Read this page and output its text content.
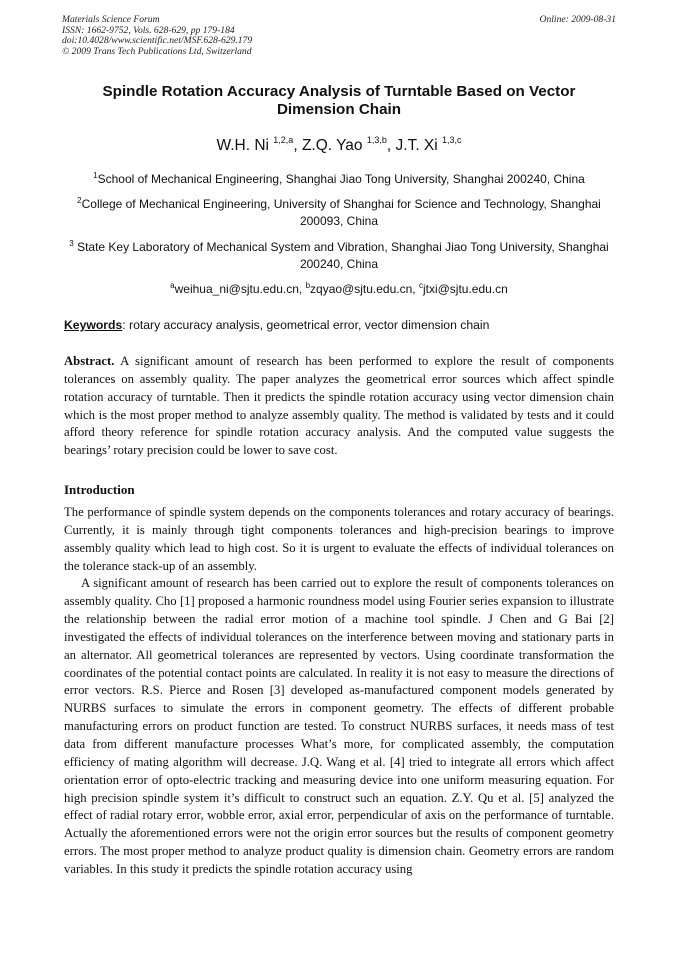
Materials Science Forum
ISSN: 1662-9752, Vols. 628-629, pp 179-184
doi:10.4028/www.scientific.net/MSF.628-629.179
© 2009 Trans Tech Publications Ltd, Switzerland
Online: 2009-08-31
Spindle Rotation Accuracy Analysis of Turntable Based on Vector Dimension Chain
W.H. Ni $^{1,2,a}$, Z.Q. Yao $^{1,3,b}$, J.T. Xi $^{1,3,c}$
$^1$School of Mechanical Engineering, Shanghai Jiao Tong University, Shanghai 200240, China
$^2$College of Mechanical Engineering, University of Shanghai for Science and Technology, Shanghai 200093, China
$^3$ State Key Laboratory of Mechanical System and Vibration, Shanghai Jiao Tong University, Shanghai 200240, China
$^a$weihua_ni@sjtu.edu.cn, $^b$zqyao@sjtu.edu.cn, $^c$jtxi@sjtu.edu.cn
Keywords: rotary accuracy analysis, geometrical error, vector dimension chain
Abstract. A significant amount of research has been performed to explore the result of components tolerances on assembly quality. The paper analyzes the geometrical error sources which affect spindle rotation accuracy of turntable. Then it predicts the spindle rotation accuracy using vector dimension chain which is the most proper method to analyze assembly quality. The method is validated by tests and it could afford theory reference for spindle rotation accuracy analysis. And the computed value suggests the bearings’ rotary precision could be lower to save cost.
Introduction

The performance of spindle system depends on the components tolerances and rotary accuracy of bearings. Currently, it is mainly through tight components tolerances and high-precision bearings to improve assembly quality which lead to high cost. So it is urgent to evaluate the effects of individual tolerances on the tolerance stack-up of an assembly.

A significant amount of research has been carried out to explore the result of components tolerances on assembly quality. Cho [1] proposed a harmonic roundness model using Fourier series expansion to illustrate the relationship between the radial error motion of a machine tool spindle. J Chen and G Bai [2] investigated the effects of individual tolerances on the interference between moving and stationary parts in an alternator. All geometrical tolerances are represented by vectors. Using coordinate transformation the coordinates of the potential contact points are calculated. In reality it is not easy to measure the directions of error vectors. R.S. Pierce and Rosen [3] developed as-manufactured component models generated by NURBS surfaces to simulate the errors in component geometry. The effects of different probable manufacturing errors on product function are tested. To construct NURBS surfaces, it needs mass of test data from different manufacture processes What’s more, for complicated assembly, the computation efficiency of mating algorithm will decrease. J.Q. Wang et al. [4] tried to integrate all errors which affect orientation error of opto-electric tracking and measuring device into one uniform measuring equation. For high precision spindle system it’s difficult to construct such an equation. Z.Y. Qu et al. [5] analyzed the effect of radial rotary error, wobble error, axial error, perpendicular of axis on the performance of turntable. Actually the aforementioned errors were not the origin error sources but the results of component geometry errors. The most proper method to analyze product quality is dimension chain. Geometry errors are random variables. In this study it predicts the spindle rotation accuracy using
